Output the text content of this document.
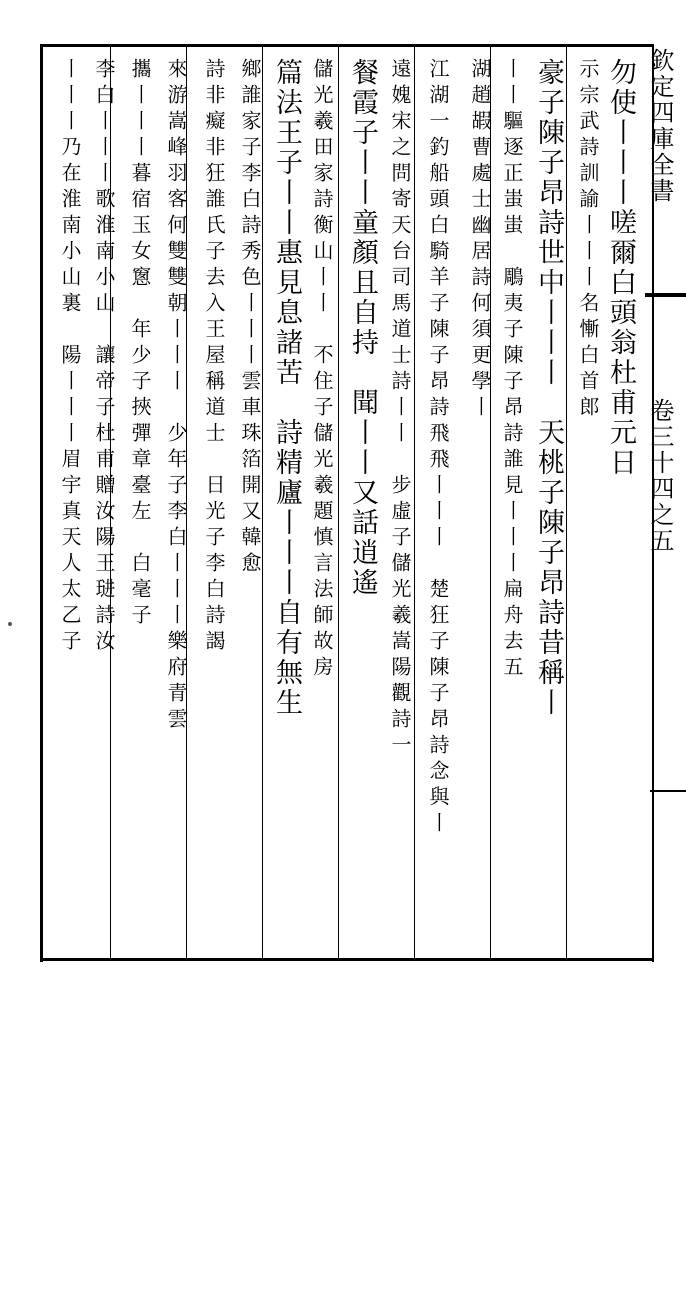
欽定四庫全書
卷三十四之五
勿使丨丨丨嗟爾白頭翁杜甫元日
示宗武詩訓諭丨丨丨名慚白首郎
豪子陳子昂詩世中丨丨丨　天桃子陳子昂詩昔稱丨
丨丨驅逐正蚩蚩　鵰夷子陳子昂詩誰見丨丨丨扁舟去五
湖趙嘏曹處士幽居詩何須更學丨
江湖一釣船頭白騎羊子陳子昂詩飛飛丨丨丨　楚狂子陳子昂詩念與丨
遠媿宋之問寄天台司馬道士詩丨丨　步虛子儲光羲嵩陽觀詩一
餐霞子丨丨童顏且自持　聞丨丨又話逍遙
儲光羲田家詩衡山丨丨　不住子儲光羲題慎言法師故房
篇法王子丨丨惠見息諸苦　詩精廬丨丨丨自有無生
鄉誰家子李白詩秀色丨丨丨雲車珠箔開又韓愈
詩非癡非狂誰氏子去入王屋稱道士　日光子李白詩謁
來游嵩峰羽客何雙雙朝丨丨丨　少年子李白丨丨丨樂府青雲
攜丨丨丨暮宿玉女窻　年少子挾彈章臺左　白毫子
李白丨丨丨歌淮南小山　讓帝子杜甫贈汝陽王琎詩汝
丨丨丨乃在淮南小山裏　陽丨丨丨眉宇真天人太乙子
